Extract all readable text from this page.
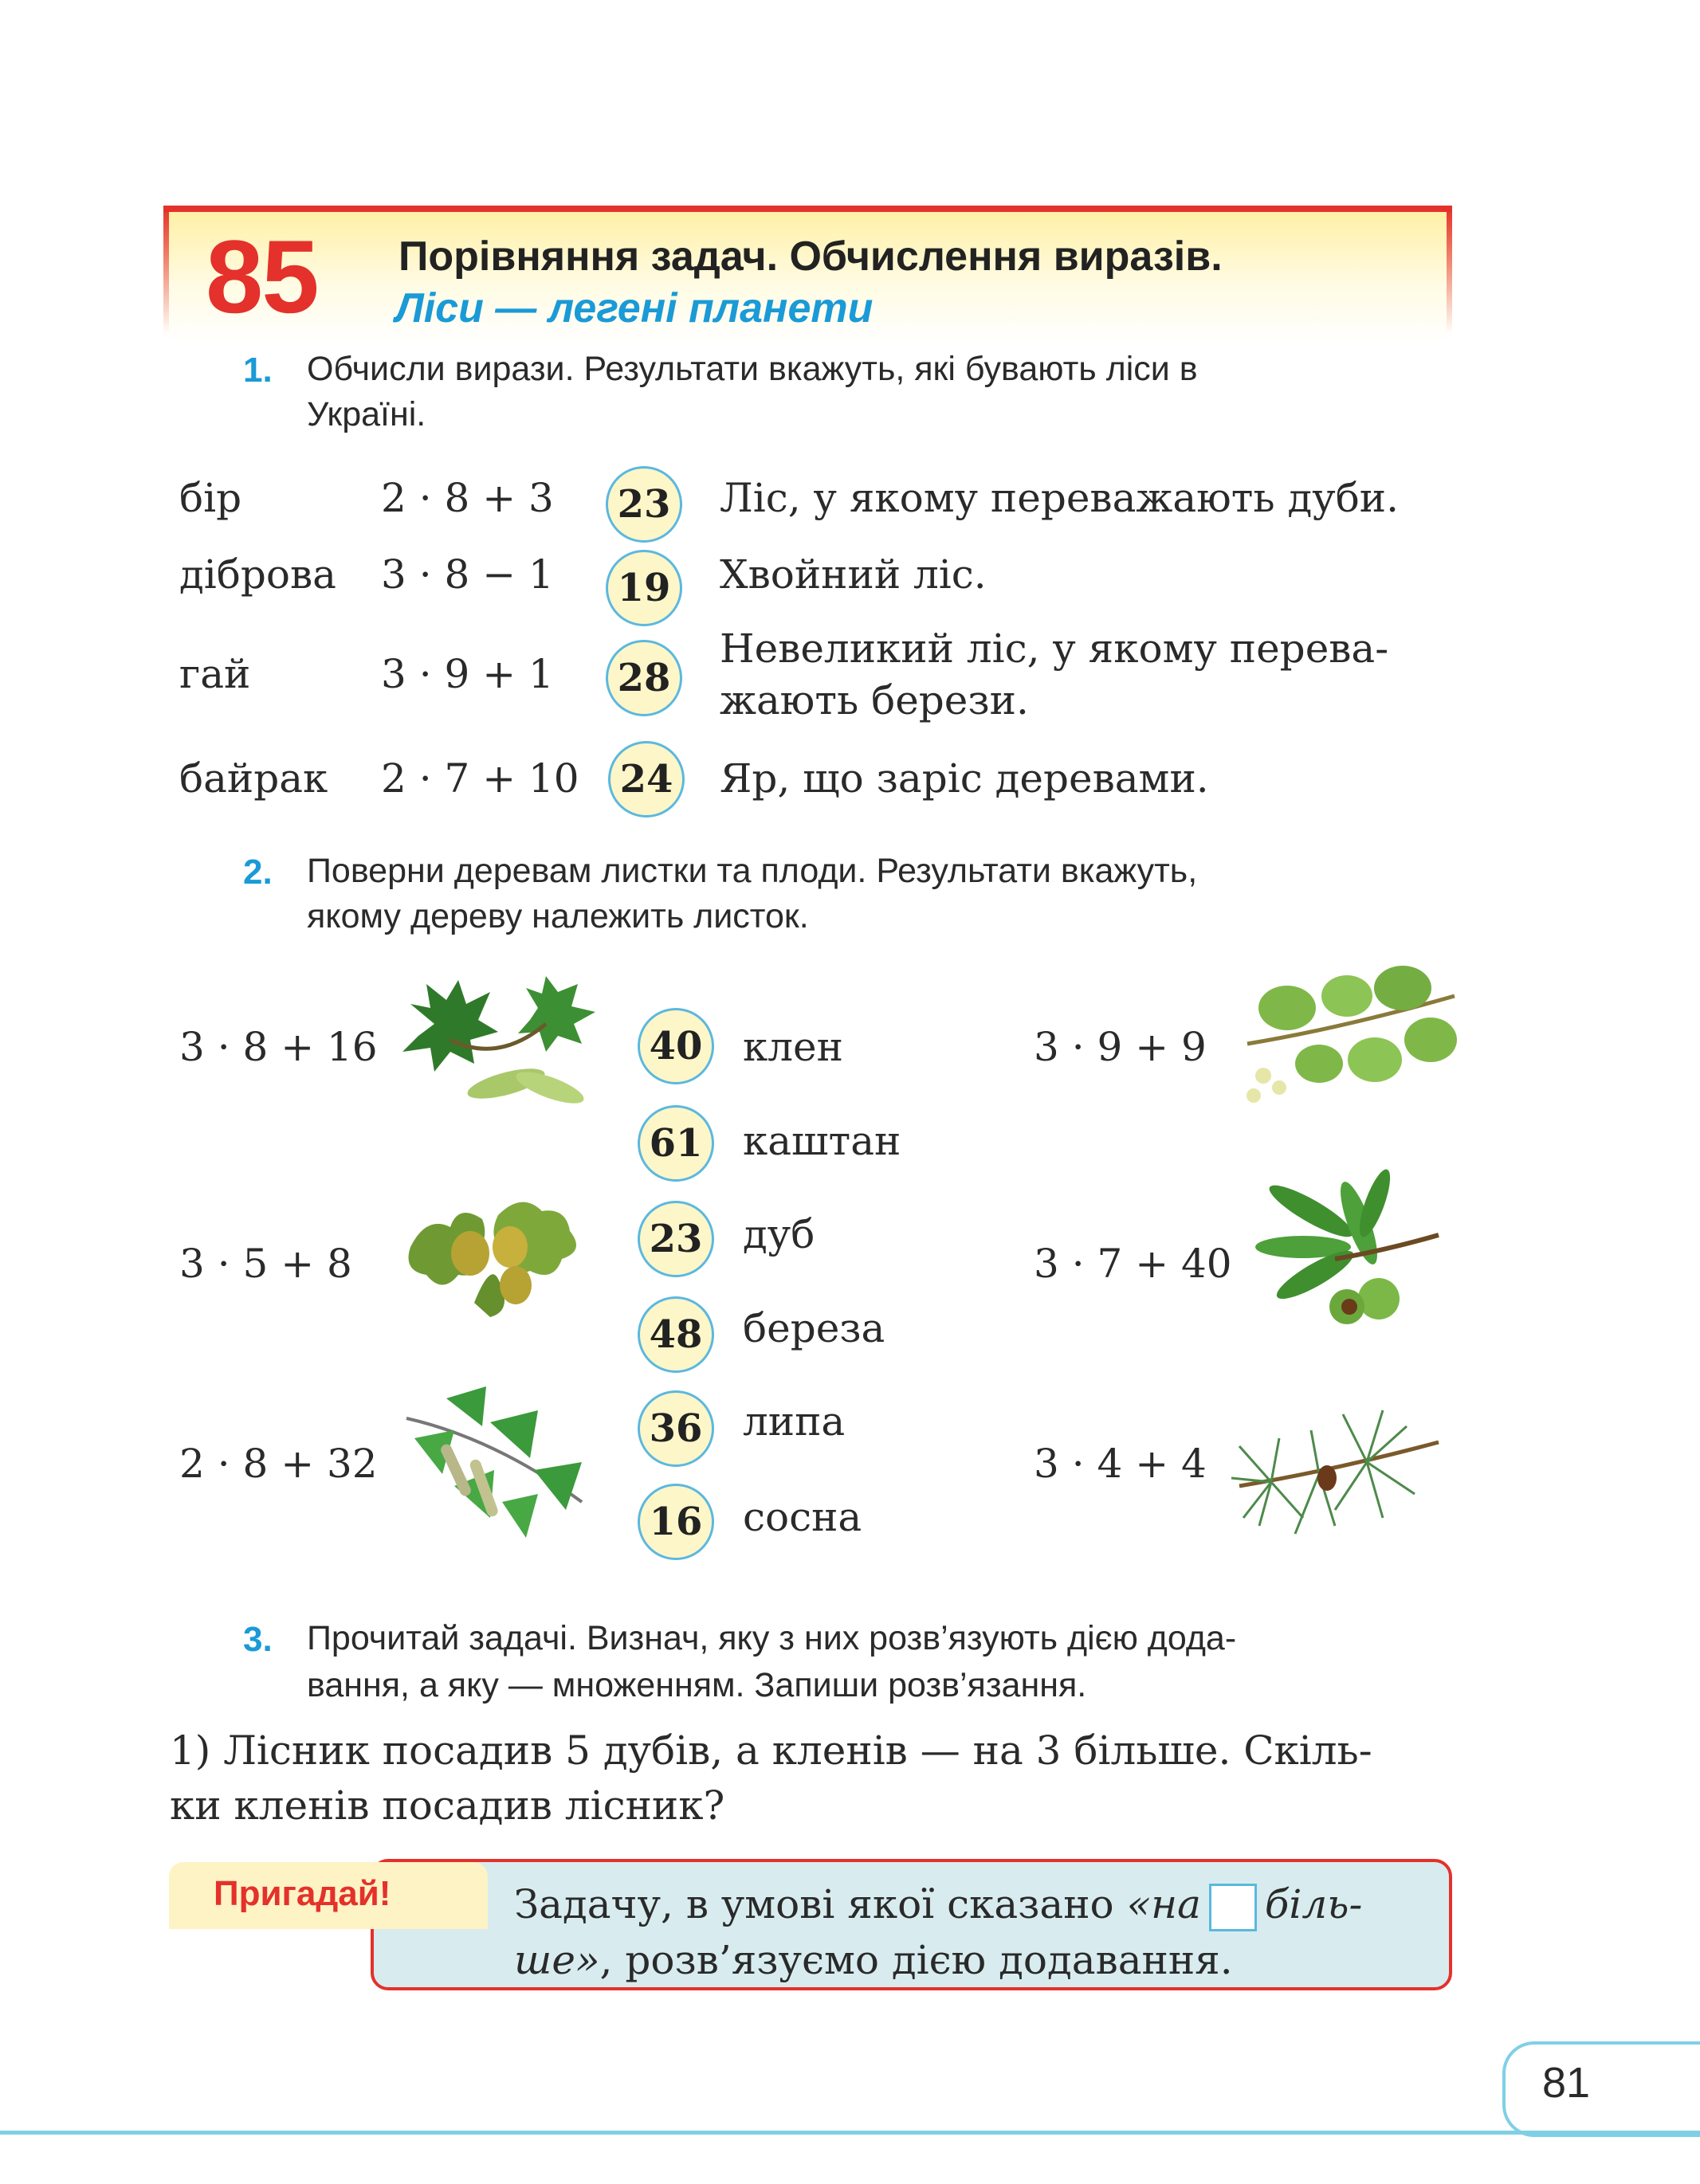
85 Порівняння задач. Обчислення виразів.
Ліси — легені планети
1. Обчисли вирази. Результати вкажуть, які бувають ліси в
Україні.
бір	2 · 8 + 3	23 Ліс, у якому переважають дуби.
діброва 3 · 8 − 1	19 Хвойний ліс.
гай	3 · 9 + 1	28
Невеликий ліс, у якому перева-
жають берези.
байрак 2 · 7 + 10	24 Яр, що заріс деревами.
2. Поверни деревам листки та плоди. Результати вкажуть,
якому дереву належить листок.
3 · 8 + 16
3 · 5 + 8
2 · 8 + 32
3 · 9 + 9
3 · 7 + 40
3 · 4 + 4
40 клен
61 каштан
23 дуб
48 береза
36 липа
16 сосна
3. Прочитай задачі. Визнач, яку з них розв’язують дією дода-
вання, а яку — множенням. Запиши розв’язання.
1) Лісник посадив 5 дубів, а кленів — на 3 більше. Скіль-
ки кленів посадив лісник?
Пригадай!	Задачу, в умові якої сказано «на біль-
ше», розв’язуємо дією додавання.
81
